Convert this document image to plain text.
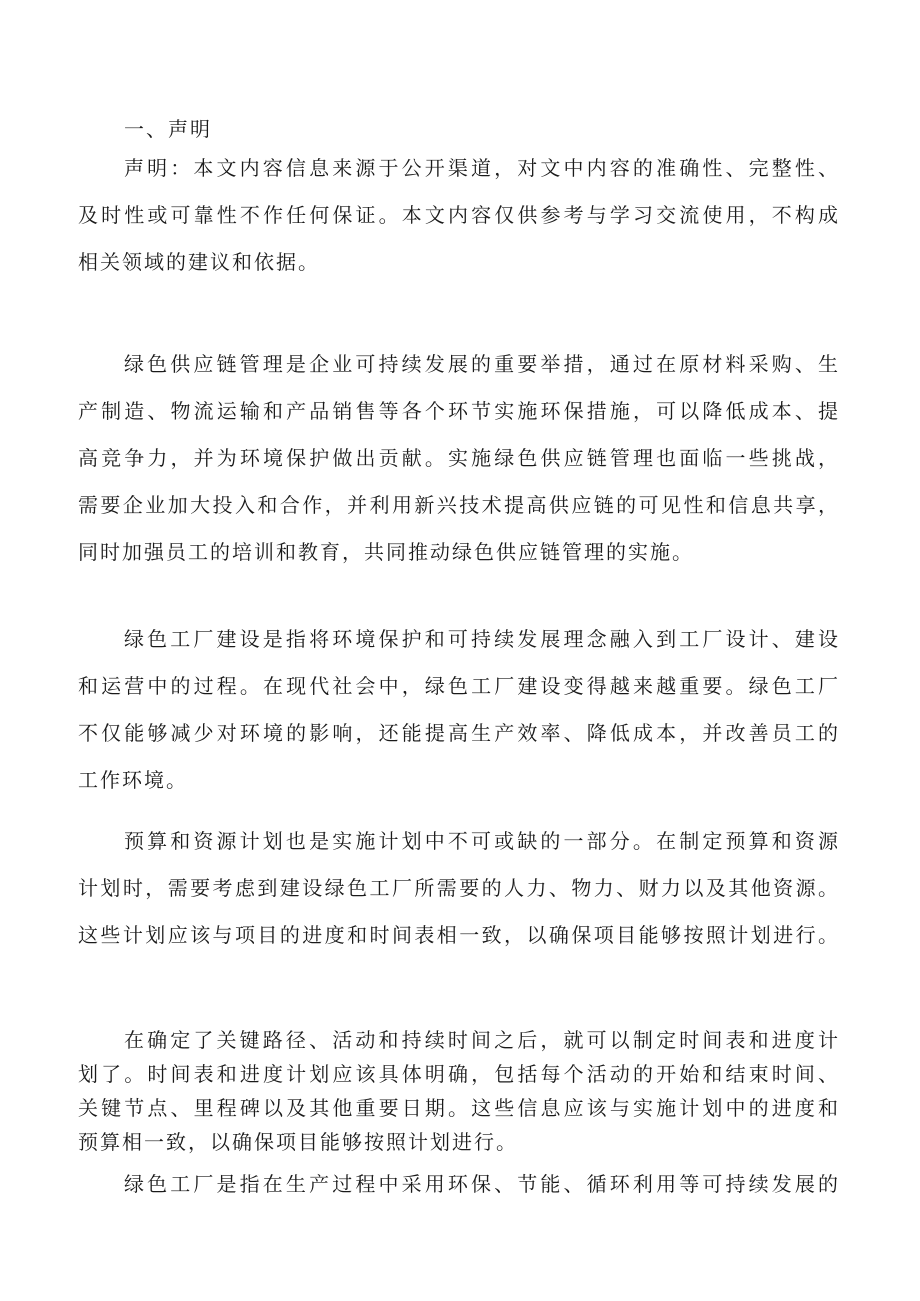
一、声明

声明：本文内容信息来源于公开渠道，对文中内容的准确性、完整性、
及时性或可靠性不作任何保证。本文内容仅供参考与学习交流使用，不构成
相关领域的建议和依据。

绿色供应链管理是企业可持续发展的重要举措，通过在原材料采购、生
产制造、物流运输和产品销售等各个环节实施环保措施，可以降低成本、提
高竞争力，并为环境保护做出贡献。实施绿色供应链管理也面临一些挑战，
需要企业加大投入和合作，并利用新兴技术提高供应链的可见性和信息共享，
同时加强员工的培训和教育，共同推动绿色供应链管理的实施。

绿色工厂建设是指将环境保护和可持续发展理念融入到工厂设计、建设
和运营中的过程。在现代社会中，绿色工厂建设变得越来越重要。绿色工厂
不仅能够减少对环境的影响，还能提高生产效率、降低成本，并改善员工的
工作环境。

预算和资源计划也是实施计划中不可或缺的一部分。在制定预算和资源
计划时，需要考虑到建设绿色工厂所需要的人力、物力、财力以及其他资源。
这些计划应该与项目的进度和时间表相一致，以确保项目能够按照计划进行。

在确定了关键路径、活动和持续时间之后，就可以制定时间表和进度计
划了。时间表和进度计划应该具体明确，包括每个活动的开始和结束时间、
关键节点、里程碑以及其他重要日期。这些信息应该与实施计划中的进度和
预算相一致，以确保项目能够按照计划进行。

绿色工厂是指在生产过程中采用环保、节能、循环利用等可持续发展的
